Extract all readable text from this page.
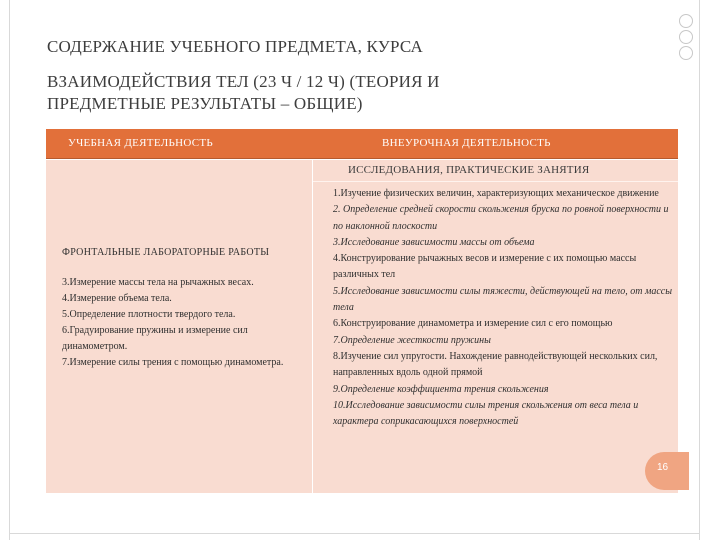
СОДЕРЖАНИЕ УЧЕБНОГО ПРЕДМЕТА, КУРСА
ВЗАИМОДЕЙСТВИЯ ТЕЛ (23 Ч / 12 Ч) (ТЕОРИЯ И
ПРЕДМЕТНЫЕ РЕЗУЛЬТАТЫ – ОБЩИЕ)
УЧЕБНАЯ ДЕЯТЕЛЬНОСТЬ	ВНЕУРОЧНАЯ ДЕЯТЕЛЬНОСТЬ
ИССЛЕДОВАНИЯ, ПРАКТИЧЕСКИЕ ЗАНЯТИЯ
ФРОНТАЛЬНЫЕ ЛАБОРАТОРНЫЕ РАБОТЫ
3.Измерение массы тела на рычажных весах.
4.Измерение объема тела.
5.Определение плотности твердого тела.
6.Градуирование пружины и измерение сил динамометром.
7.Измерение силы трения с помощью динамометра.
1.Изучение физических величин, характеризующих механическое движение
2. Определение средней скорости скольжения бруска по ровной поверхности и по наклонной плоскости
3.Исследование зависимости массы от объема
4.Конструирование рычажных весов и измерение с их помощью массы различных тел
5.Исследование зависимости силы тяжести, действующей на тело, от массы тела
6.Конструирование динамометра и измерение сил с его помощью
7.Определение жесткости пружины
8.Изучение сил упругости. Нахождение равнодействующей нескольких сил, направленных вдоль одной прямой
9.Определение коэффициента трения скольжения
10.Исследование зависимости силы трения скольжения от веса тела и характера соприкасающихся поверхностей
16
